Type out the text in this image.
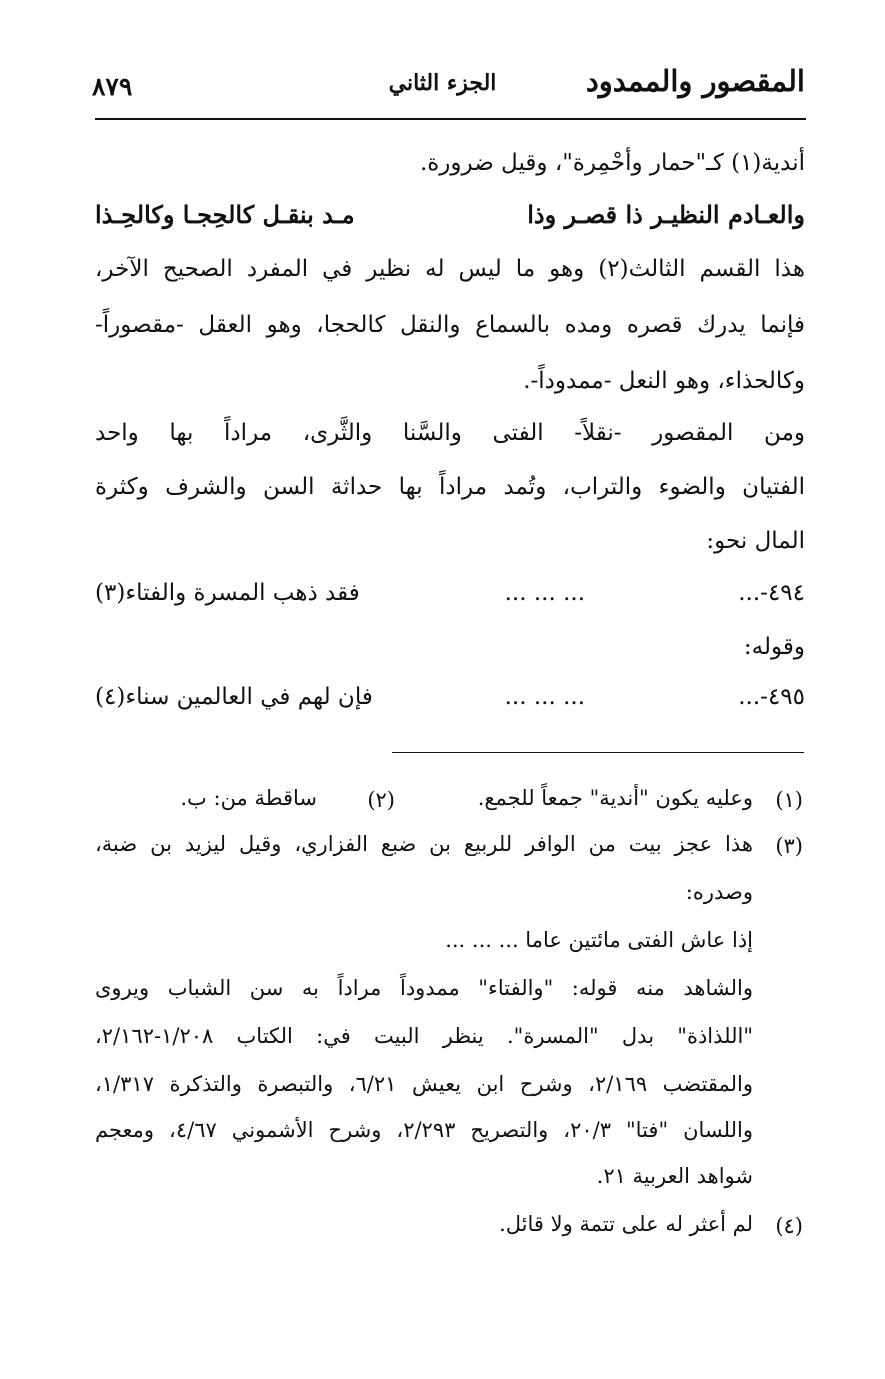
المقصور والممدود
الجزء الثاني
٨٧٩
أندية(١) كـ"حمار وأحْمِرة"، وقيل ضرورة.
والعـادم النظيـر ذا قصـر وذا
مـد بنقـل كالحِجـا وكالحِـذا
هذا القسم الثالث(٢) وهو ما ليس له نظير في المفرد الصحيح الآخر،
فإنما يدرك قصره ومده بالسماع والنقل كالحجا، وهو العقل -مقصوراً-
وكالحذاء، وهو النعل -ممدوداً-.
ومن المقصور -نقلاً- الفتى والسَّنا والثَّرى، مراداً بها واحد
الفتيان والضوء والتراب، وتُمد مراداً بها حداثة السن والشرف وكثرة
المال نحو:
٤٩٤-...
... ... ...
فقد ذهب المسرة والفتاء(٣)
وقوله:
٤٩٥-...
... ... ...
فإن لهم في العالمين سناء(٤)
(١)
وعليه يكون "أندية" جمعاً للجمع.
(٢)
ساقطة من: ب.
(٣)
هذا عجز بيت من الوافر للربيع بن ضبع الفزاري، وقيل ليزيد بن ضبة،
وصدره:
إذا عاش الفتى مائتين عاما ... ... ...
والشاهد منه قوله: "والفتاء" ممدوداً مراداً به سن الشباب ويروى
"اللذاذة" بدل "المسرة". ينظر البيت في: الكتاب ١/٢٠٨-٢/١٦٢،
والمقتضب ٢/١٦٩، وشرح ابن يعيش ٦/٢١، والتبصرة والتذكرة ١/٣١٧،
واللسان "فتا" ٢٠/٣، والتصريح ٢/٢٩٣، وشرح الأشموني ٤/٦٧، ومعجم
شواهد العربية ٢١.
(٤)
لم أعثر له على تتمة ولا قائل.
